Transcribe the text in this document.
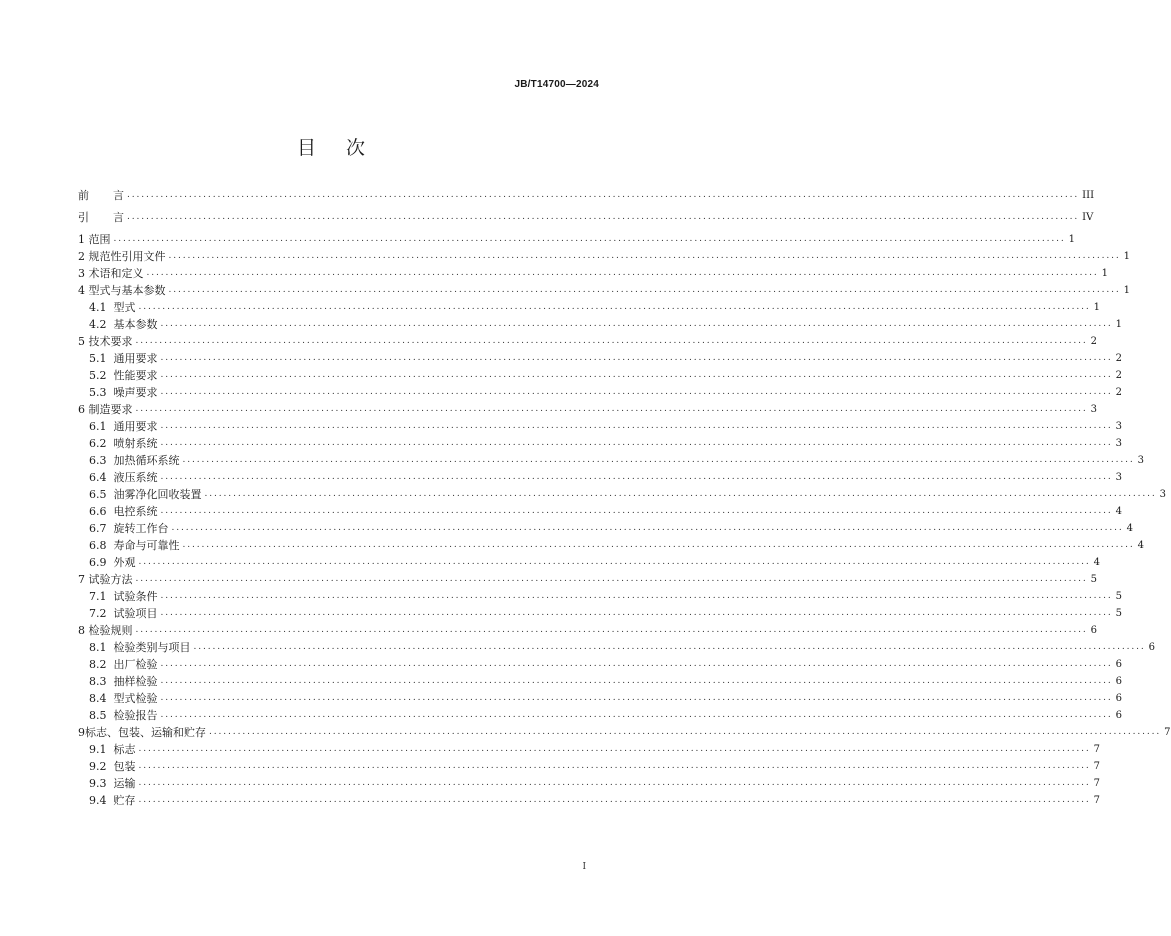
JB/T14700—2024
目 次
前 言 ........................................................................................................................................................................................................ III
引 言 ........................................................................................................................................................................................................ IV
1 范围 ........................................................................................................................................................................................................ 1
2 规范性引用文件 ........................................................................................................................................................................................................ 1
3 术语和定义 ........................................................................................................................................................................................................ 1
4 型式与基本参数 ........................................................................................................................................................................................................ 1
4.1  型式 ........................................................................................................................................................................................................ 1
4.2  基本参数 ........................................................................................................................................................................................................ 1
5 技术要求 ........................................................................................................................................................................................................ 2
5.1  通用要求 ........................................................................................................................................................................................................ 2
5.2  性能要求 ........................................................................................................................................................................................................ 2
5.3  噪声要求 ........................................................................................................................................................................................................ 2
6 制造要求 ........................................................................................................................................................................................................ 3
6.1  通用要求 ........................................................................................................................................................................................................ 3
6.2  喷射系统 ........................................................................................................................................................................................................ 3
6.3  加热循环系统 ........................................................................................................................................................................................................ 3
6.4  液压系统 ........................................................................................................................................................................................................ 3
6.5  油雾净化回收装置 ........................................................................................................................................................................................................ 3
6.6  电控系统 ........................................................................................................................................................................................................ 4
6.7  旋转工作台 ........................................................................................................................................................................................................ 4
6.8  寿命与可靠性 ........................................................................................................................................................................................................ 4
6.9  外观 ........................................................................................................................................................................................................ 4
7 试验方法 ........................................................................................................................................................................................................ 5
7.1  试验条件 ........................................................................................................................................................................................................ 5
7.2  试验项目 ........................................................................................................................................................................................................ 5
8 检验规则 ........................................................................................................................................................................................................ 6
8.1  检验类别与项目 ........................................................................................................................................................................................................ 6
8.2  出厂检验 ........................................................................................................................................................................................................ 6
8.3  抽样检验 ........................................................................................................................................................................................................ 6
8.4  型式检验 ........................................................................................................................................................................................................ 6
8.5  检验报告 ........................................................................................................................................................................................................ 6
9标志、包装、运输和贮存 ........................................................................................................................................................................................................ 7
9.1  标志 ........................................................................................................................................................................................................ 7
9.2  包装 ........................................................................................................................................................................................................ 7
9.3  运输 ........................................................................................................................................................................................................ 7
9.4  贮存 ........................................................................................................................................................................................................ 7
I
